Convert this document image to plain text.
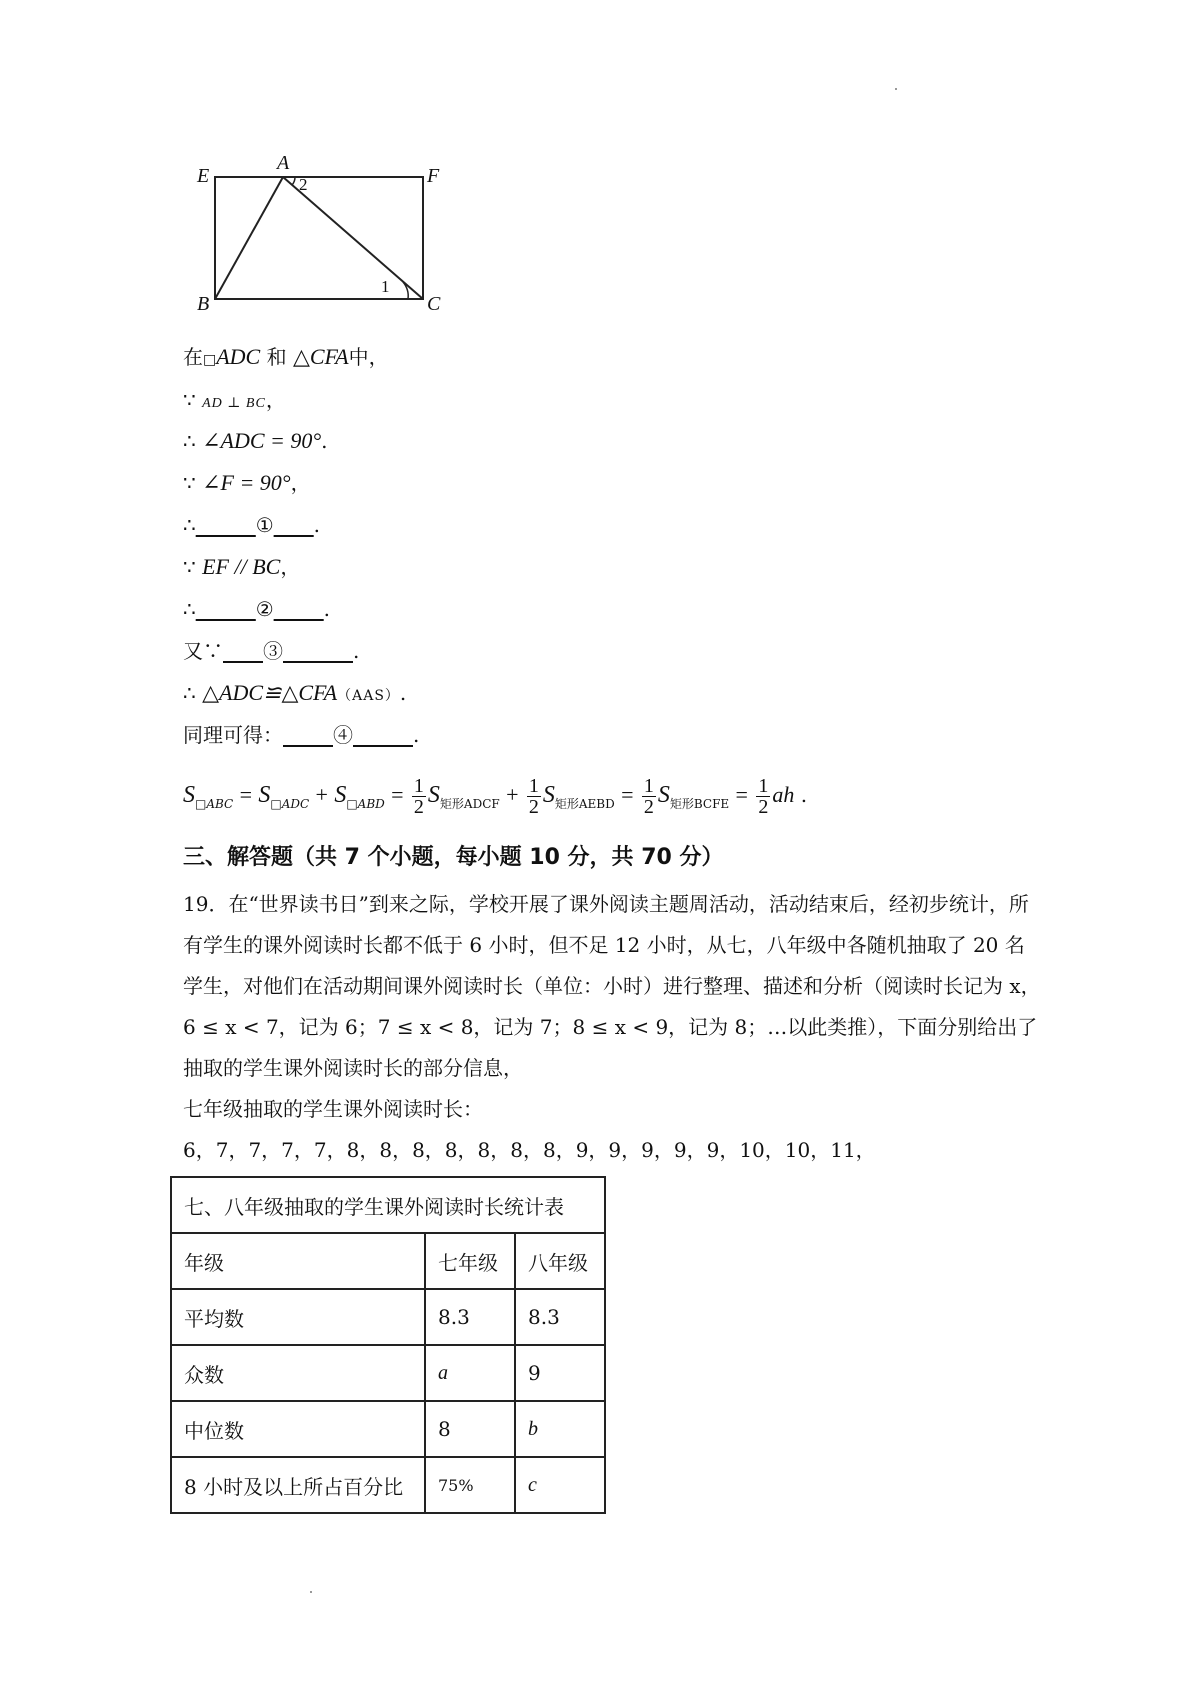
E
A
F
B	C
2
1
在□ADC 和 △CFA中，
∵ AD ⊥ BC，
∴ ∠ADC = 90°.
∵ ∠F = 90°，
∴______①____.
∵ EF // BC，
∴______②_____.
又∵____③_______.
∴ △ADC≌△CFA（AAS）.
同理可得：_____④______.
$S_{□ABC} = S_{□ADC} + S_{□ABD} = \frac{1}{2} S_{矩形ADCF} + \frac{1}{2} S_{矩形AEBD} = \frac{1}{2} S_{矩形BCFE} = \frac{1}{2}$ ah .
三、解答题（共 7 个小题，每小题 10 分，共 70 分）
19．在“世界读书日”到来之际，学校开展了课外阅读主题周活动，活动结束后，经初步统计，所有学生的课外阅读时长都不低于 6 小时，但不足 12 小时，从七，八年级中各随机抽取了 20 名学生，对他们在活动期间课外阅读时长（单位：小时）进行整理、描述和分析（阅读时长记为 x，6 ≤ x < 7，记为 6；7 ≤ x < 8，记为 7；8 ≤ x < 9，记为 8；…以此类推），下面分别给出了抽取的学生课外阅读时长的部分信息，
七年级抽取的学生课外阅读时长：
6，7，7，7，7，8，8，8，8，8，8，8，9，9，9，9，9，10，10，11，
七、八年级抽取的学生课外阅读时长统计表		
年级	七年级	八年级
平均数	8.3	8.3
众数	a	9
中位数	8	b
8 小时及以上所占百分比	75%	c
